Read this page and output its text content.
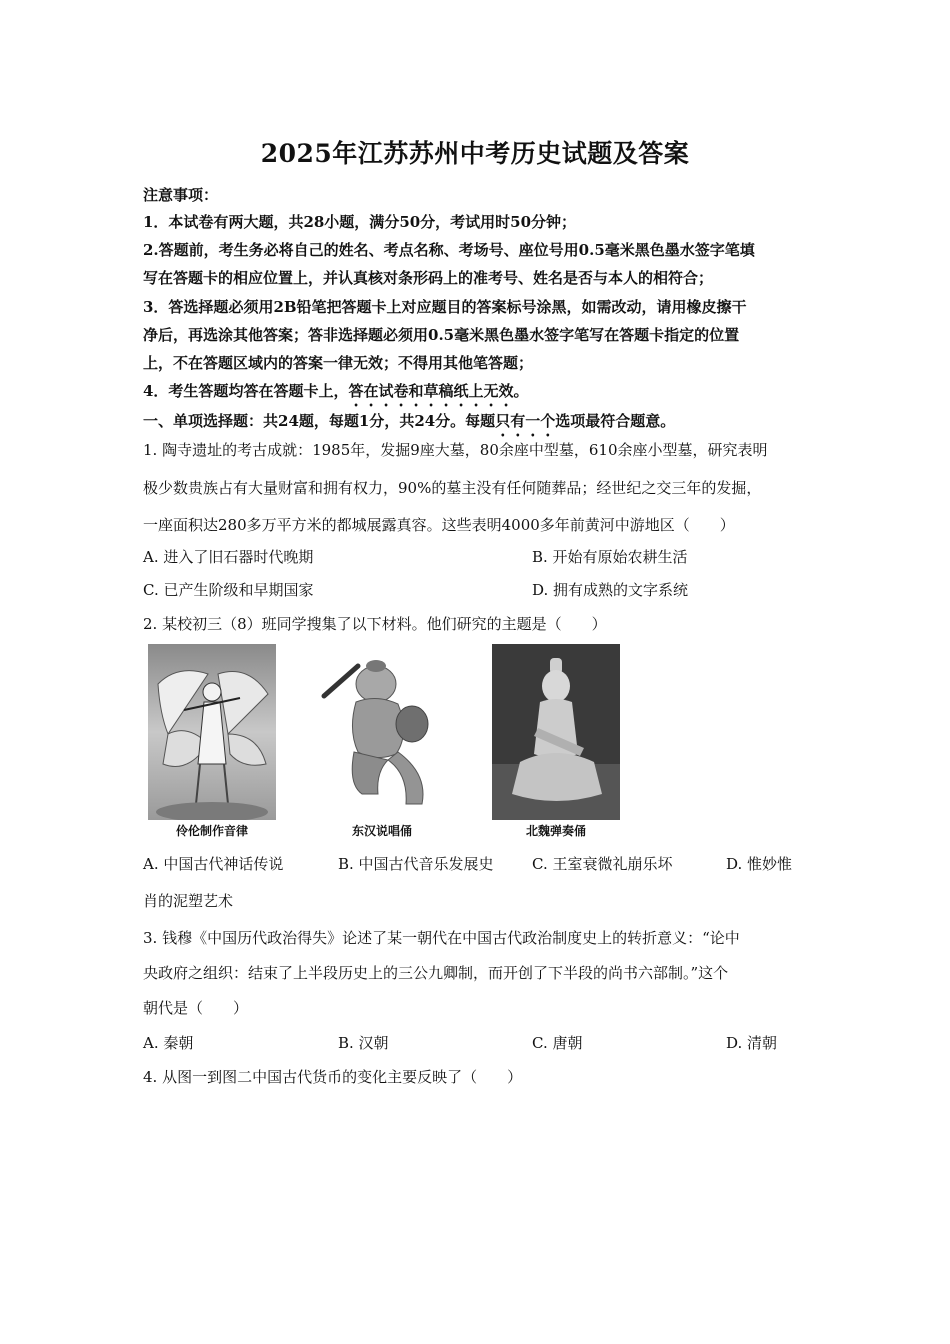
2025年江苏苏州中考历史试题及答案
注意事项：
1．本试卷有两大题，共28小题，满分50分，考试用时50分钟；
2.答题前，考生务必将自己的姓名、考点名称、考场号、座位号用0.5毫米黑色墨水签字笔填
写在答题卡的相应位置上，并认真核对条形码上的准考号、姓名是否与本人的相符合；
3．答选择题必须用2B铅笔把答题卡上对应题目的答案标号涂黑，如需改动，请用橡皮擦干
净后，再选涂其他答案；答非选择题必须用0.5毫米黑色墨水签字笔写在答题卡指定的位置
上，不在答题区域内的答案一律无效；不得用其他笔答题；
4．考生答题均答在答题卡上，答在试卷和草稿纸上无效。
一、单项选择题：共24题，每题1分，共24分。每题只有一个选项最符合题意。
1. 陶寺遗址的考古成就：1985年，发掘9座大墓，80余座中型墓，610余座小型墓，研究表明
极少数贵族占有大量财富和拥有权力，90%的墓主没有任何随葬品；经世纪之交三年的发掘，
一座面积达280多万平方米的都城展露真容。这些表明4000多年前黄河中游地区（　　）
A. 进入了旧石器时代晚期	B. 开始有原始农耕生活
C. 已产生阶级和早期国家	D. 拥有成熟的文字系统
2. 某校初三（8）班同学搜集了以下材料。他们研究的主题是（　　）
伶伦制作音律	东汉说唱俑	北魏弹奏俑
A. 中国古代神话传说	B. 中国古代音乐发展史	C. 王室衰微礼崩乐坏	D. 惟妙惟
肖的泥塑艺术
3. 钱穆《中国历代政治得失》论述了某一朝代在中国古代政治制度史上的转折意义：“论中
央政府之组织：结束了上半段历史上的三公九卿制，而开创了下半段的尚书六部制。”这个
朝代是（　　）
A. 秦朝	B. 汉朝	C. 唐朝	D. 清朝
4. 从图一到图二中国古代货币的变化主要反映了（　　）
